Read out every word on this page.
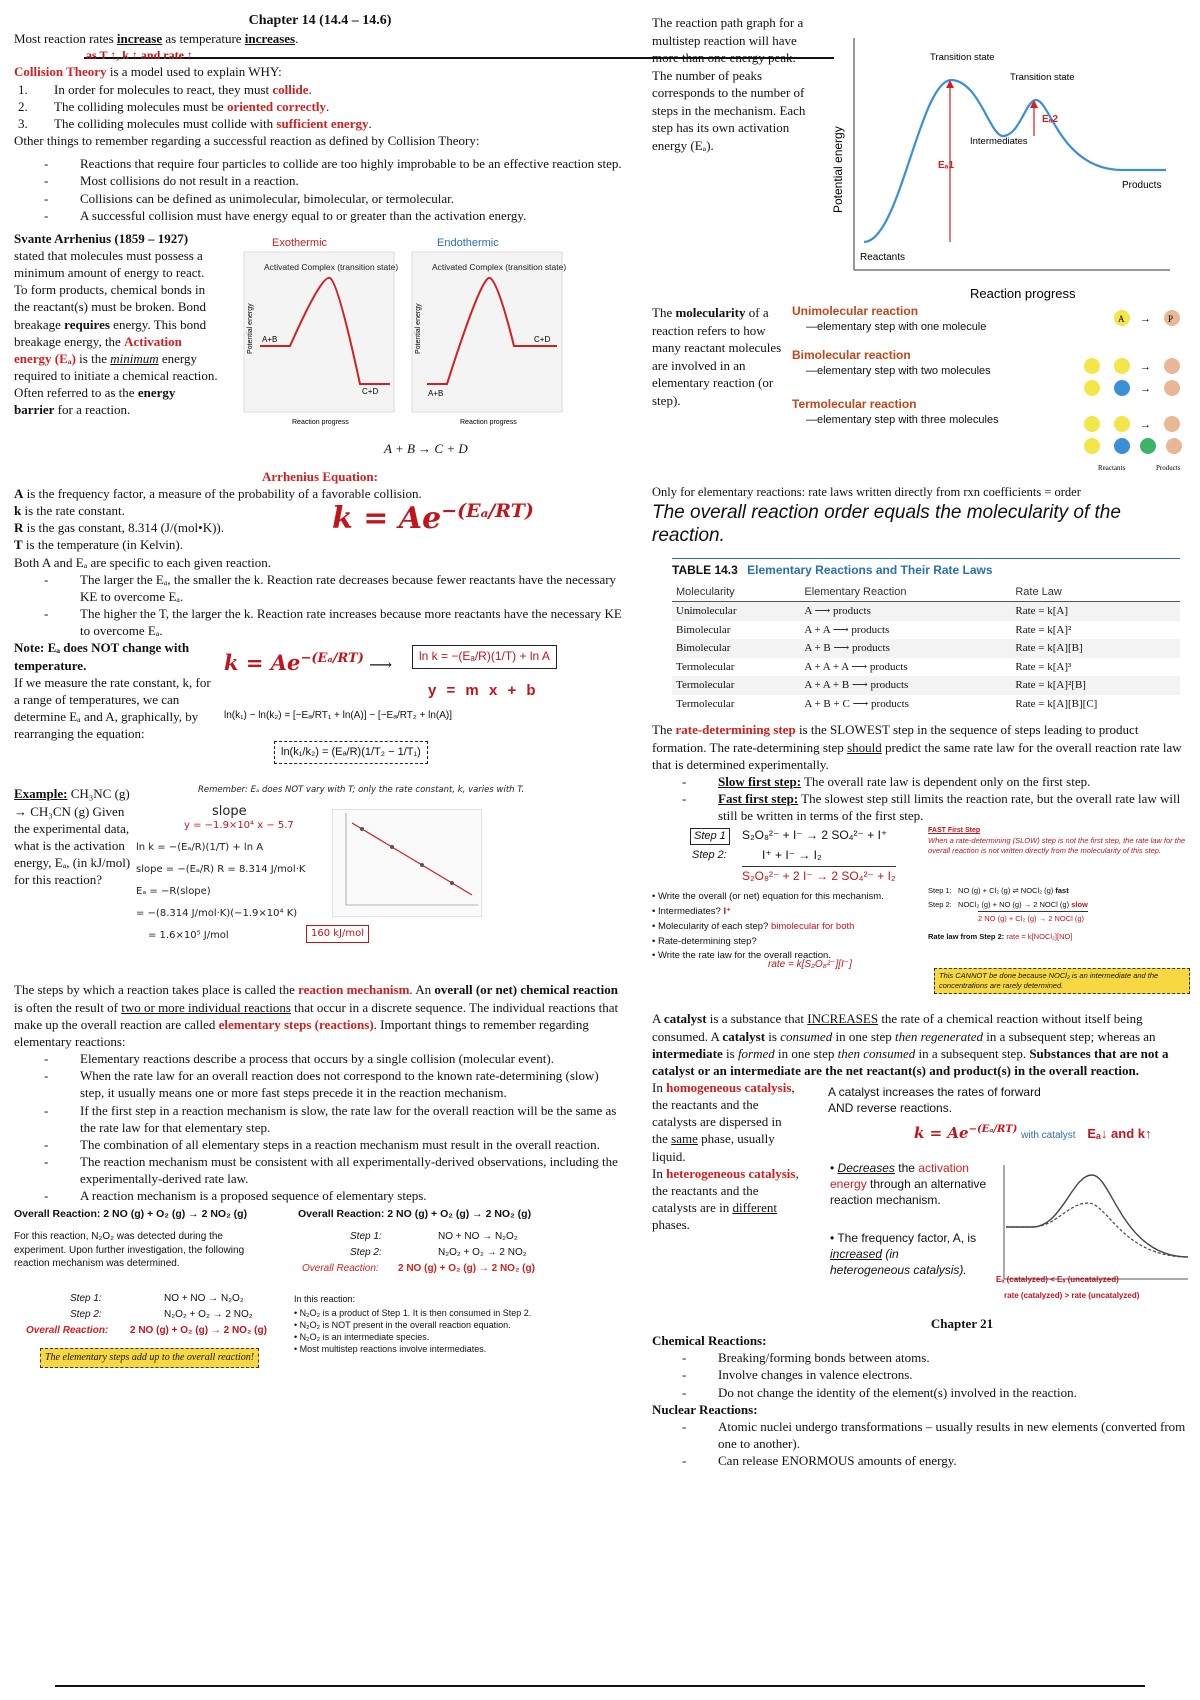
Chapter 14 (14.4 – 14.6)
Most reaction rates increase as temperature increases.
as T ↑, k ↑ and rate ↑
Collision Theory is a model used to explain WHY:
1. In order for molecules to react, they must collide.
2. The colliding molecules must be oriented correctly.
3. The colliding molecules must collide with sufficient energy.
Other things to remember regarding a successful reaction as defined by Collision Theory:
- Reactions that require four particles to collide are too highly improbable to be an effective reaction step.
- Most collisions do not result in a reaction.
- Collisions can be defined as unimolecular, bimolecular, or termolecular.
- A successful collision must have energy equal to or greater than the activation energy.
Svante Arrhenius (1859 – 1927) stated that molecules must possess a minimum amount of energy to react. To form products, chemical bonds in the reactant(s) must be broken. Bond breakage requires energy. This bond breakage energy, the Activation energy (Eₐ) is the minimum energy required to initiate a chemical reaction. Often referred to as the energy barrier for a reaction.
Exothermic	Endothermic
Activated Complex (transition state)	Activated Complex (transition state)
A+B
C+D	A+B
C+D
Potential energy	Potential energy
Reaction progress	Reaction progress
A + B → C + D
Arrhenius Equation:
A is the frequency factor, a measure of the probability of a favorable collision.
k is the rate constant.
R is the gas constant, 8.314 (J/(mol•K)).
T is the temperature (in Kelvin).
$k = Ae^{-(E_a/RT)}$
Both A and Eₐ are specific to each given reaction.
- The larger the Eₐ, the smaller the k. Reaction rate decreases because fewer reactants have the necessary KE to overcome Eₐ.
- The higher the T, the larger the k. Reaction rate increases because more reactants have the necessary KE to overcome Eₐ.
Note: Eₐ does NOT change with temperature.
If we measure the rate constant, k, for a range of temperatures, we can determine Eₐ and A, graphically, by rearranging the equation:
$k = Ae^{-(E_a/RT)}$ ⟶
ln k = −(Eₐ/R)(1/T) + ln A
y = m x + b
ln(k₁) − ln(k₂) = [−Eₐ/RT₁ + ln(A)] − [−Eₐ/RT₂ + ln(A)]
ln(k₁/k₂) = (Eₐ/R)(1/T₂ − 1/T₁)
Example: CH₃NC (g) → CH₃CN (g) Given the experimental data, what is the activation energy, Eₐ, (in kJ/mol) for this reaction?
Remember: Eₐ does NOT vary with T; only the rate constant, k, varies with T.
slope
y = −1.9×10⁴ x − 5.7
ln k = −(Eₐ/R)(1/T) + ln A
slope = −(Eₐ/R) R = 8.314 J/mol·K
Eₐ = −R(slope)
= −(8.314 J/mol·K)(−1.9×10⁴ K)
= 1.6×10⁵ J/mol	160 kJ/mol
The steps by which a reaction takes place is called the reaction mechanism. An overall (or net) chemical reaction is often the result of two or more individual reactions that occur in a discrete sequence. The individual reactions that make up the overall reaction are called elementary steps (reactions). Important things to remember regarding elementary reactions:
- Elementary reactions describe a process that occurs by a single collision (molecular event).
- When the rate law for an overall reaction does not correspond to the known rate-determining (slow) step, it usually means one or more fast steps precede it in the reaction mechanism.
- If the first step in a reaction mechanism is slow, the rate law for the overall reaction will be the same as the rate law for that elementary step.
- The combination of all elementary steps in a reaction mechanism must result in the overall reaction.
- The reaction mechanism must be consistent with all experimentally-derived observations, including the experimentally-derived rate law.
- A reaction mechanism is a proposed sequence of elementary steps.
Overall Reaction: 2 NO (g) + O₂ (g) → 2 NO₂ (g)	Overall Reaction: 2 NO (g) + O₂ (g) → 2 NO₂ (g)
For this reaction, N₂O₂ was detected during the experiment. Upon further investigation, the following reaction mechanism was determined.
Step 1:	NO + NO → N₂O₂
Step 2:	N₂O₂ + O₂ → 2 NO₂
Overall Reaction: 2 NO (g) + O₂ (g) → 2 NO₂ (g)
Step 1:	NO + NO → N₂O₂
Step 2:	N₂O₂ + O₂ → 2 NO₂
Overall Reaction: 2 NO (g) + O₂ (g) → 2 NO₂ (g)
The elementary steps add up to the overall reaction!
In this reaction:
• N₂O₂ is a product of Step 1. It is then consumed in Step 2.
• N₂O₂ is NOT present in the overall reaction equation.
• N₂O₂ is an intermediate species.
• Most multistep reactions involve intermediates.
The reaction path graph for a multistep reaction will have more than one energy peak. The number of peaks corresponds to the number of steps in the mechanism. Each step has its own activation energy (Eₐ).	Potential energy
Reaction progress
Transition state
Transition state
Intermediates
Eₐ1
Eₐ2
Reactants
Products
The molecularity of a reaction refers to how many reactant molecules are involved in an elementary reaction (or step).
Unimolecular reaction
—elementary step with one molecule
Bimolecular reaction
—elementary step with two molecules
Termolecular reaction
—elementary step with three molecules
A → P
→
→
→
Reactants	Products
Only for elementary reactions: rate laws written directly from rxn coefficients = order
The overall reaction order equals the molecularity of the reaction.
TABLE 14.3 Elementary Reactions and Their Rate Laws
Molecularity	Elementary Reaction	Rate Law
Unimolecular	A ⟶ products	Rate = k[A]
Bimolecular	A + A ⟶ products	Rate = k[A]²
Bimolecular	A + B ⟶ products	Rate = k[A][B]
Termolecular	A + A + A ⟶ products	Rate = k[A]³
Termolecular	A + A + B ⟶ products	Rate = k[A]²[B]
Termolecular	A + B + C ⟶ products	Rate = k[A][B][C]
The rate-determining step is the SLOWEST step in the sequence of steps leading to product formation. The rate-determining step should predict the same rate law for the overall reaction rate law that is determined experimentally.
- Slow first step: The overall rate law is dependent only on the first step.
- Fast first step: The slowest step still limits the reaction rate, but the overall rate law will still be written in terms of the first step.
Step 1	S₂O₈²⁻ + I⁻ → 2 SO₄²⁻ + I⁺
Step 2:	I⁺ + I⁻ → I₂
S₂O₈²⁻ + 2 I⁻ → 2 SO₄²⁻ + I₂
• Write the overall (or net) equation for this mechanism.
• Intermediates? I⁺
• Molecularity of each step? bimolecular for both
• Rate-determining step?
• Write the rate law for the overall reaction.
rate = k[S₂O₈²⁻][I⁻]
FAST First Step
When a rate-determining (SLOW) step is not the first step, the rate law for the overall reaction is not written directly from the molecularity of this step.
Step 1: NO (g) + Cl₂ (g) ⇌ NOCl₂ (g) fast
Step 2: NOCl₂ (g) + NO (g) → 2 NOCl (g) slow
2 NO (g) + Cl₂ (g) → 2 NOCl (g)
Rate law from Step 2: rate = k[NOCl₂][NO]
This CANNOT be done because NOCl₂ is an intermediate and the concentrations are rarely determined.
A catalyst is a substance that INCREASES the rate of a chemical reaction without itself being consumed. A catalyst is consumed in one step then regenerated in a subsequent step; whereas an intermediate is formed in one step then consumed in a subsequent step. Substances that are not a catalyst or an intermediate are the net reactant(s) and product(s) in the overall reaction.
In homogeneous catalysis, the reactants and the catalysts are dispersed in the same phase, usually liquid.
In heterogeneous catalysis, the reactants and the catalysts are in different phases.
A catalyst increases the rates of forward AND reverse reactions.
$k = Ae^{-(E_a/RT)}$ with catalyst Eₐ↓ and k↑
• Decreases the activation energy through an alternative reaction mechanism.
• The frequency factor, A, is increased (in heterogeneous catalysis).
Eₐ (catalyzed) < Eₐ (uncatalyzed)
rate (catalyzed) > rate (uncatalyzed)
Chapter 21
Chemical Reactions:
- Breaking/forming bonds between atoms.
- Involve changes in valence electrons.
- Do not change the identity of the element(s) involved in the reaction.
Nuclear Reactions:
- Atomic nuclei undergo transformations – usually results in new elements (converted from one to another).
- Can release ENORMOUS amounts of energy.
